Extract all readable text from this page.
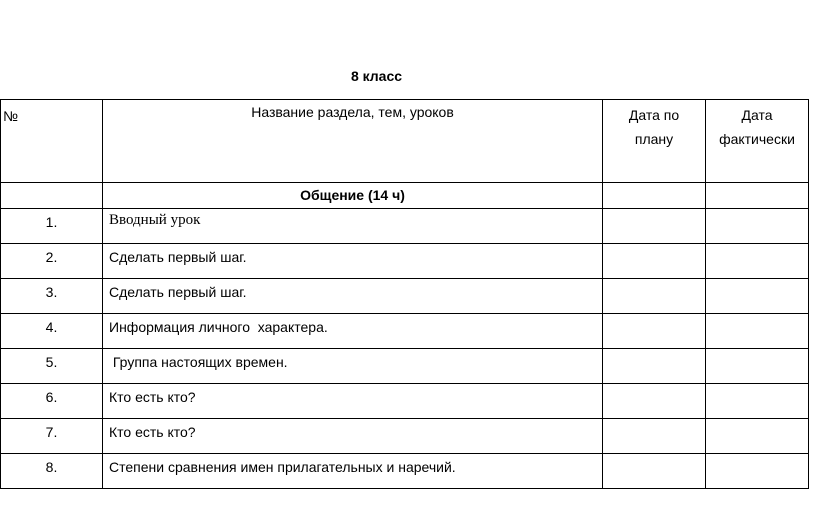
8 класс
№	Название раздела, тем, уроков	Дата по плану	Дата фактически
	Общение (14 ч)		
1.	Вводный урок		
2.	Сделать первый шаг.		
3.	Сделать первый шаг.		
4.	Информация личного  характера.		
5.	Группа настоящих времен.		
6.	Кто есть кто?		
7.	Кто есть кто?		
8.	Степени сравнения имен прилагательных и наречий.		
